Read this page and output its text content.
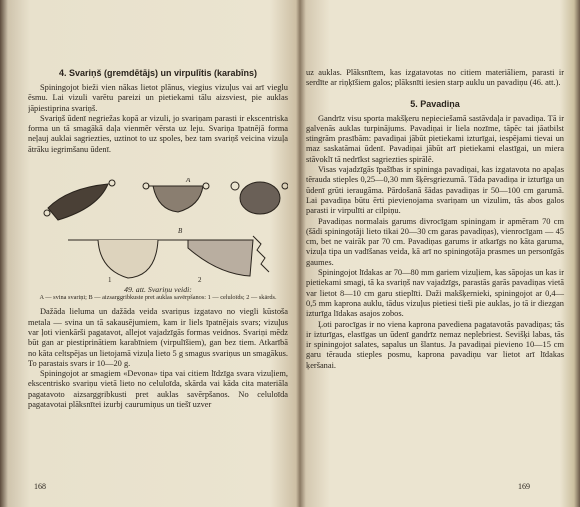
4. Svariņš (gremdētājs) un virpulītis (karabīns)

Spiningojot bieži vien nākas lietot plānus, viegius vizuļus vai arī vieglu ēsmu. Lai vizuli varētu pareizi un pietiekami tālu aizsviest, pie auklas jāpiestiprina svariņš.

Svariņš ūdenī negriežas kopā ar vizuli, jo svariņam parasti ir ekscentriska forma un tā smagākā daļa vienmēr vērsta uz leju. Svariņa īpatnējā forma neļauj auklai sagriezties, uztinot to uz spoles, bez tam svariņš veicina vizuļa ātrāku iegrimšanu ūdenī.

A
B
1	2

49. att. Svariņu veidi:

A — svina svariņi; B — aizsarggribkuste pret auklas savērpšanos: 1 — celuloīds; 2 — skārds.

Dažāda lieluma un dažāda veida svariņus izgatavo no viegli kūstoša metala — svina un tā sakausējumiem, kam ir liels īpatnējais svars; vizuļus var ļoti vienkārši pagatavot, allejot vajadzīgās formas veidnos. Svariņi mēdz būt gan ar piestiprinātiem karabīniem (virpulīšiem), gan bez tiem. Atkarībā no kāta celtspējas un lietojamā vizuļa lieto 5 g smagus svariņus un smagākus. To parastais svars ir 10—20 g.

Spiningojot ar smagiem «Devona» tipa vai citiem līdzīga svara vizuļiem, ekscentrisko svariņu vietā lieto no celuloīda, skārda vai kāda cita materiāla pagatavoto aizsarggribkusti pret auklas savērpšanos. No celuloīda pagatavotai plāksnītei izurbj caurumiņus un tiešī uzver

168

uz auklas. Plāksnītem, kas izgatavotas no citiem materiāliem, parasti ir serdīte ar riņķīšiem galos; plāksnīti iesien starp auklu un pavadiņu (46. att.).

5. Pavadiņa

Gandrīz visu sporta makšķeru nepieciešamā sastāvdaļa ir pavadiņa. Tā ir galvenās auklas turpinājums. Pavadiņai ir liela nozīme, tāpēc tai jāatbilst stingrām prasībām: pavadiņai jābūt pietiekami izturīgai, iespējami tievai un maz saskatāmai ūdenī. Pavadiņai jābūt arī pietiekami elastīgai, un miera stāvoklī tā nedrīkst sagriezties spirālē.

Visas vajadzīgās īpašības ir spininga pavadiņai, kas izgatavota no apaļas tērauda stieples 0,25—0,30 mm šķērsgriezumā. Tāda pavadiņa ir izturīga un ūdenī grūti ieraugāma. Pārdošanā šādas pavadiņas ir 50—100 cm garumā. Lai pavadiņa būtu ērti pievienojama svariņam un vizulim, tās abos galos parasti ir virpulīti ar cilpiņu.

Pavadiņas normalais garums divrocīgam spiningam ir apmēram 70 cm (šādi spiningotāji lieto tikai 20—30 cm garas pavadiņas), vienrocīgam — 45 cm, bet ne vairāk par 70 cm. Pavadiņas garums ir atkarīgs no kāta garuma, vizuļa tipa un vadīšanas veida, kā arī no spiningotāja prasmes un personīgās gaumes.

Spiningojot līdakas ar 70—80 mm gariem vizuļiem, kas sāpojas un kas ir pietiekami smagi, tā ka svariņš nav vajadzīgs, parastās garās pavadiņas vietā var lietot 8—10 cm garu stieplīti. Daži makšķernieki, spiningojot ar 0,4—0,5 mm kaprona auklu, tādus vizuļus pietiesi tieši pie auklas, jo tā ir diezgan izturīga līdakas asajos zobos.

Ļoti parocīgas ir no viena kaprona pavedienа pagatavotās pavadiņas; tās ir izturīgas, elastīgas un ūdenī gandrīz nemaz neplebriest. Sevišķi labas, tās ir spiningojot salates, sapalus un šlantus. Ja pavadiņai pievieno 10—15 cm garu tērauda stieples posmu, kaprona pavadiņu var lietot arī līdakas ķeršanai.

169
